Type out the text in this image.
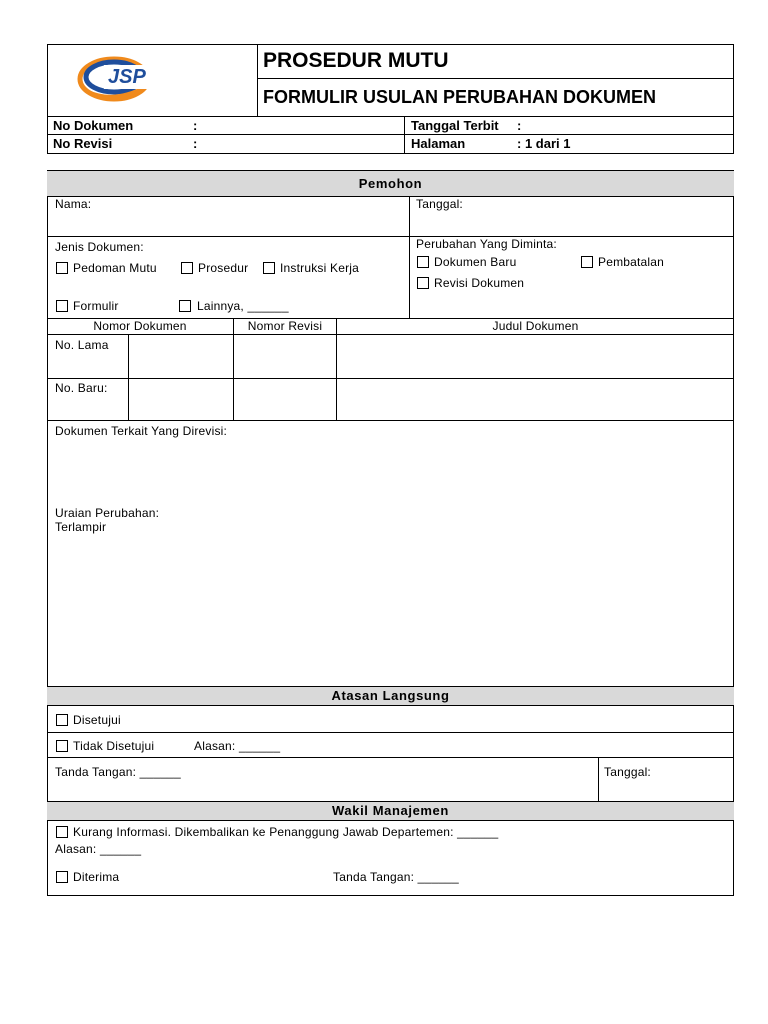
JSP
PROSEDUR MUTU
FORMULIR USULAN PERUBAHAN DOKUMEN
No Dokumen	:
No Revisi	:
Tanggal Terbit :
Halaman	: 1 dari 1
Pemohon
Nama:	Tanggal:
Jenis Dokumen:
Pedoman Mutu	Prosedur	Instruksi Kerja
Formulir	Lainnya, ______
Perubahan Yang Diminta:
Dokumen Baru	Pembatalan
Revisi Dokumen
Nomor Dokumen	Nomor Revisi	Judul Dokumen
No. Lama
No. Baru:
Dokumen Terkait Yang Direvisi:
Uraian Perubahan:
Terlampir
Atasan Langsung
Disetujui
Tidak Disetujui	Alasan: ______
Tanda Tangan: ______	Tanggal:
Wakil Manajemen
Kurang Informasi. Dikembalikan ke Penanggung Jawab Departemen: ______
Alasan: ______
Diterima	Tanda Tangan: ______
